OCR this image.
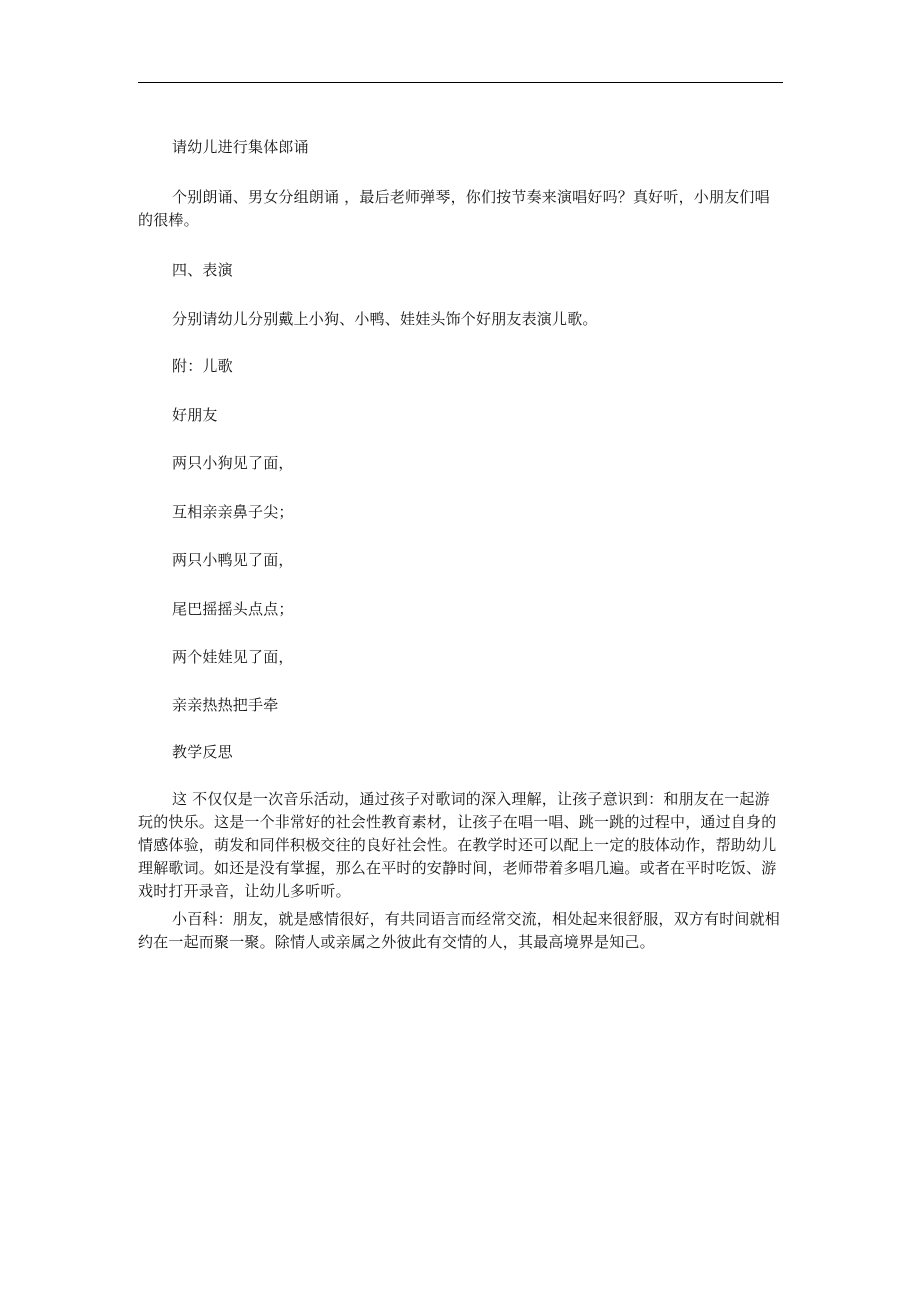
请幼儿进行集体郎诵

个别朗诵、男女分组朗诵 ，最后老师弹琴，你们按节奏来演唱好吗？真好听，小朋友们唱的很棒。

四、表演

分别请幼儿分别戴上小狗、小鸭、娃娃头饰个好朋友表演儿歌。

附：儿歌

好朋友

两只小狗见了面，

互相亲亲鼻子尖；

两只小鸭见了面，

尾巴摇摇头点点；

两个娃娃见了面，

亲亲热热把手牵

教学反思

这 不仅仅是一次音乐活动，通过孩子对歌词的深入理解，让孩子意识到：和朋友在一起游玩的快乐。这是一个非常好的社会性教育素材，让孩子在唱一唱、跳一跳的过程中，通过自身的情感体验，萌发和同伴积极交往的良好社会性。在教学时还可以配上一定的肢体动作，帮助幼儿理解歌词。如还是没有掌握，那么在平时的安静时间，老师带着多唱几遍。或者在平时吃饭、游戏时打开录音，让幼儿多听听。

小百科：朋友，就是感情很好，有共同语言而经常交流，相处起来很舒服，双方有时间就相约在一起而聚一聚。除情人或亲属之外彼此有交情的人，其最高境界是知己。
